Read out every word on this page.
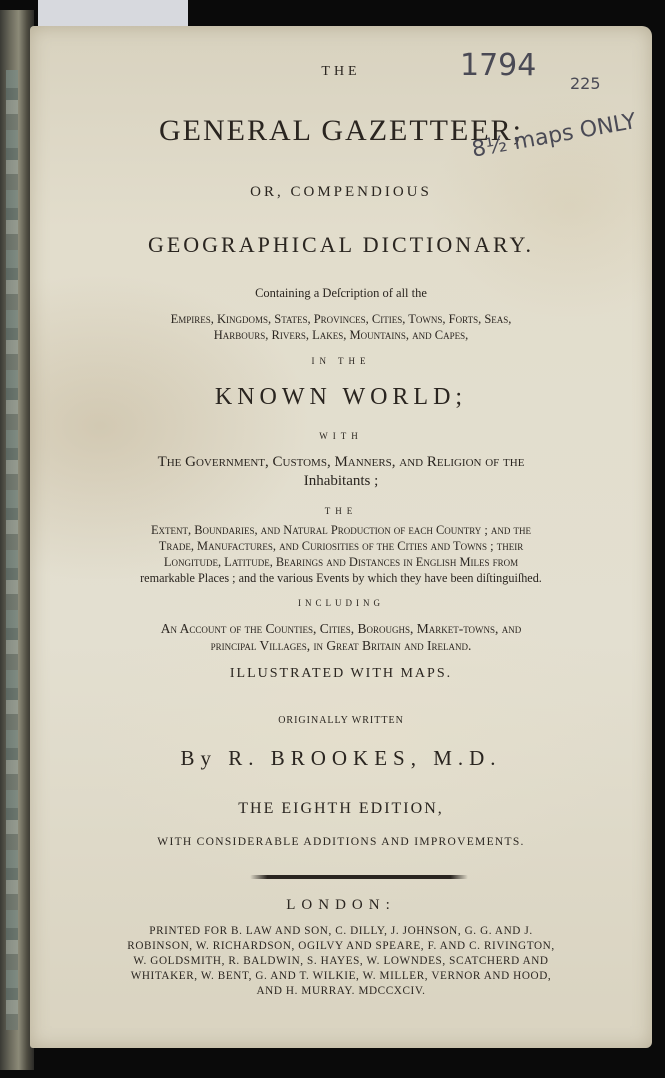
THE
GENERAL GAZETTEER;
OR, COMPENDIOUS
GEOGRAPHICAL DICTIONARY.
Containing a Deſcription of all the
Empires, Kingdoms, States, Provinces, Cities, Towns, Forts, Seas,
Harbours, Rivers, Lakes, Mountains, and Capes,
IN THE
KNOWN WORLD;
WITH
The Government, Customs, Manners, and Religion of the
Inhabitants ;
THE
Extent, Boundaries, and Natural Production of each Country ; and the
Trade, Manufactures, and Curiosities of the Cities and Towns ; their
Longitude, Latitude, Bearings and Distances in Engliſh Miles from
remarkable Places ; and the various Events by which they have been diſtinguiſhed.
INCLUDING
An Account of the Counties, Cities, Boroughs, Market-towns, and
principal Villages, in Great Britain and Ireland.
ILLUSTRATED WITH MAPS.
ORIGINALLY WRITTEN
By R. BROOKES, M.D.
THE EIGHTH EDITION,
WITH CONSIDERABLE ADDITIONS AND IMPROVEMENTS.
LONDON:
PRINTED FOR B. LAW AND SON, C. DILLY, J. JOHNSON, G. G. AND J.
ROBINSON, W. RICHARDSON, OGILVY AND SPEARE, F. AND C. RIVINGTON,
W. GOLDSMITH, R. BALDWIN, S. HAYES, W. LOWNDES, SCATCHERD AND
WHITAKER, W. BENT, G. AND T. WILKIE, W. MILLER, VERNOR AND HOOD,
AND H. MURRAY. MDCCXCIV.
1794
225
8½ maps ONLY
